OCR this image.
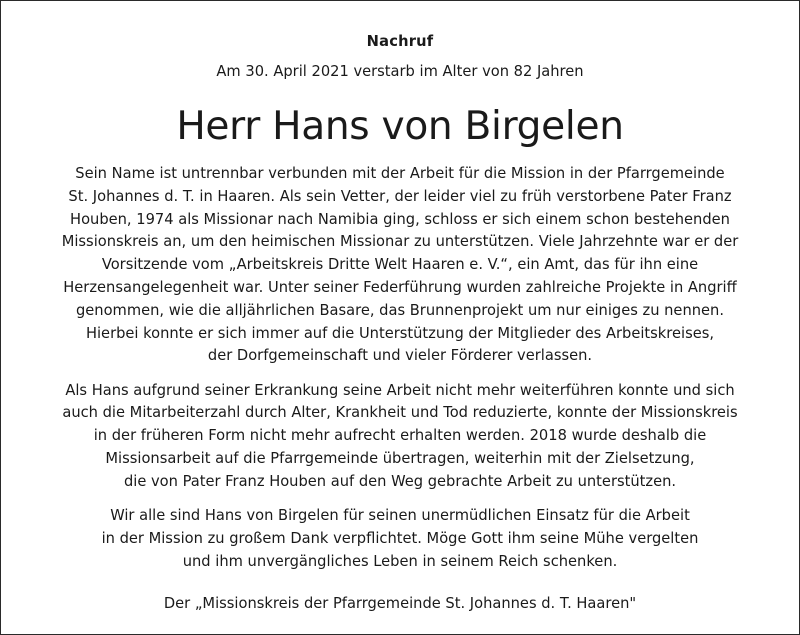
Nachruf
Am 30. April 2021 verstarb im Alter von 82 Jahren
Herr Hans von Birgelen

Sein Name ist untrennbar verbunden mit der Arbeit für die Mission in der Pfarrgemeinde
St. Johannes d. T. in Haaren. Als sein Vetter, der leider viel zu früh verstorbene Pater Franz
Houben, 1974 als Missionar nach Namibia ging, schloss er sich einem schon bestehenden
Missionskreis an, um den heimischen Missionar zu unterstützen. Viele Jahrzehnte war er der
Vorsitzende vom „Arbeitskreis Dritte Welt Haaren e. V.“, ein Amt, das für ihn eine
Herzensangelegenheit war. Unter seiner Federführung wurden zahlreiche Projekte in Angriff
genommen, wie die alljährlichen Basare, das Brunnenprojekt um nur einiges zu nennen.
Hierbei konnte er sich immer auf die Unterstützung der Mitglieder des Arbeitskreises,
der Dorfgemeinschaft und vieler Förderer verlassen.

Als Hans aufgrund seiner Erkrankung seine Arbeit nicht mehr weiterführen konnte und sich
auch die Mitarbeiterzahl durch Alter, Krankheit und Tod reduzierte, konnte der Missionskreis
in der früheren Form nicht mehr aufrecht erhalten werden. 2018 wurde deshalb die
Missionsarbeit auf die Pfarrgemeinde übertragen, weiterhin mit der Zielsetzung,
die von Pater Franz Houben auf den Weg gebrachte Arbeit zu unterstützen.

Wir alle sind Hans von Birgelen für seinen unermüdlichen Einsatz für die Arbeit
in der Mission zu großem Dank verpflichtet. Möge Gott ihm seine Mühe vergelten
und ihm unvergängliches Leben in seinem Reich schenken.

Der „Missionskreis der Pfarrgemeinde St. Johannes d. T. Haaren"
